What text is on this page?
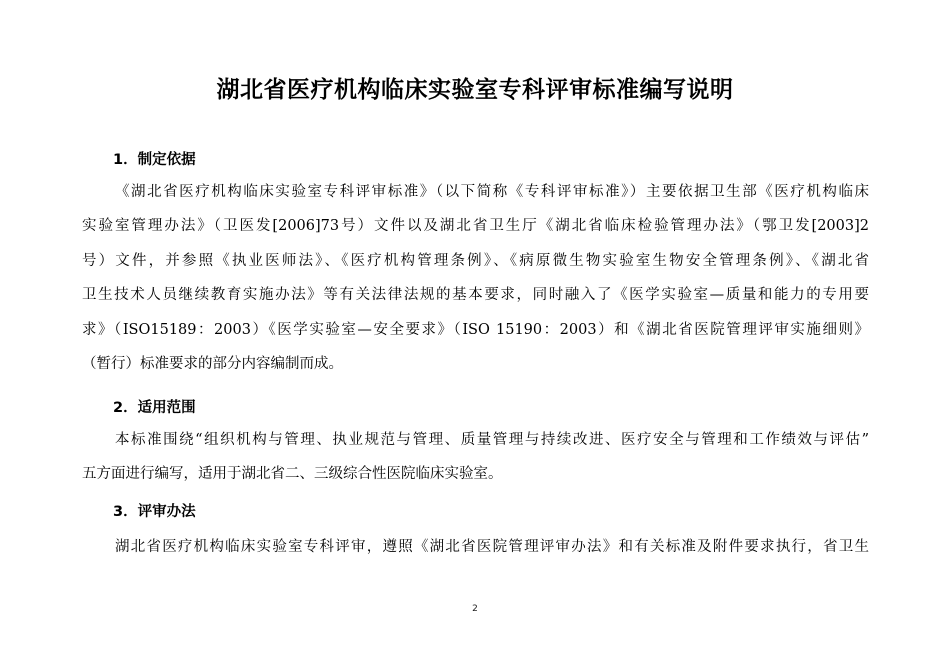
湖北省医疗机构临床实验室专科评审标准编写说明
1．制定依据
《湖北省医疗机构临床实验室专科评审标准》（以下简称《专科评审标准》）主要依据卫生部《医疗机构临床
实验室管理办法》（卫医发[2006]73号）文件以及湖北省卫生厅《湖北省临床检验管理办法》（鄂卫发[2003]2
号）文件，并参照《执业医师法》、《医疗机构管理条例》、《病原微生物实验室生物安全管理条例》、《湖北省
卫生技术人员继续教育实施办法》等有关法律法规的基本要求，同时融入了《医学实验室—质量和能力的专用要
求》（ISO15189：2003）《医学实验室—安全要求》（ISO 15190：2003）和《湖北省医院管理评审实施细则》
（暂行）标准要求的部分内容编制而成。
2．适用范围
本标准围绕“组织机构与管理、执业规范与管理、质量管理与持续改进、医疗安全与管理和工作绩效与评估”
五方面进行编写，适用于湖北省二、三级综合性医院临床实验室。
3．评审办法
湖北省医疗机构临床实验室专科评审，遵照《湖北省医院管理评审办法》和有关标准及附件要求执行，省卫生
2
